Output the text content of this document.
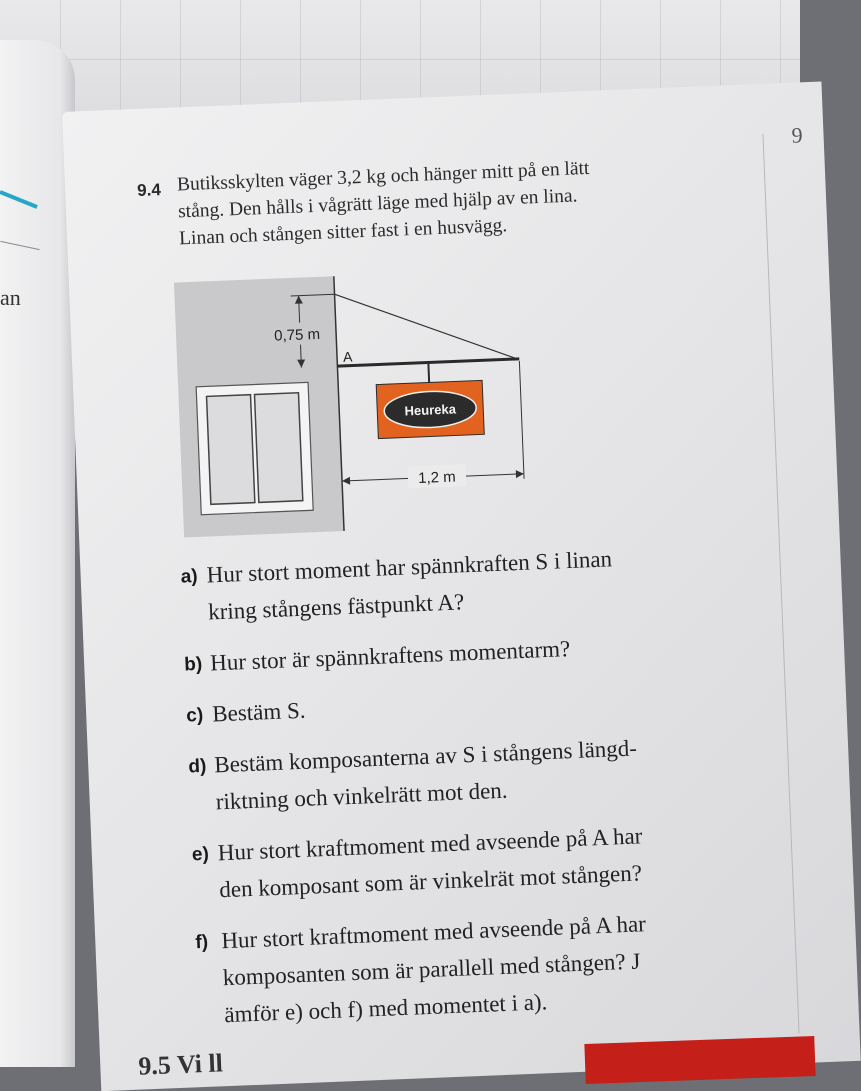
an
9
9.4 Butiksskylten väger 3,2 kg och hänger mitt på en lätt
stång. Den hålls i vågrätt läge med hjälp av en lina.
Linan och stången sitter fast i en husvägg.
0,75 m
A
Heureka
1,2 m
a) Hur stort moment har spännkraften S i linan
kring stångens fästpunkt A?
b) Hur stor är spännkraftens momentarm?
c) Bestäm S.
d) Bestäm komposanterna av S i stångens längd-
riktning och vinkelrätt mot den.
e) Hur stort kraftmoment med avseende på A har
den komposant som är vinkelrät mot stången?
f) Hur stort kraftmoment med avseende på A har
komposanten som är parallell med stången? J
ämför e) och f) med momentet i a).
9.5 Vi ll
